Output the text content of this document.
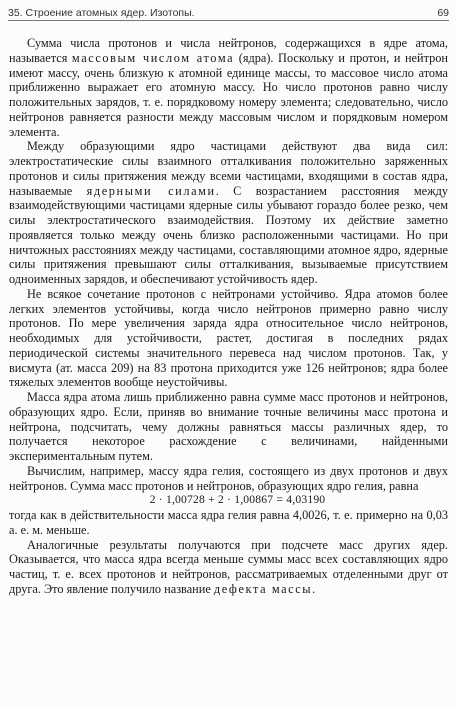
35. Строение атомных ядер. Изотопы.	69

Сумма числа протонов и числа нейтронов, содержащихся в ядре атома, называется массовым числом атома (ядра). Поскольку и протон, и нейтрон имеют массу, очень близкую к атомной единице массы, то массовое число атома приближенно выражает его атомную массу. Но число протонов равно числу положительных зарядов, т. е. порядковому номеру элемента; следовательно, число нейтронов равняется разности между массовым числом и порядковым номером элемента.

Между образующими ядро частицами действуют два вида сил: электростатические силы взаимного отталкивания положительно заряженных протонов и силы притяжения между всеми частицами, входящими в состав ядра, называемые ядерными силами. С возрастанием расстояния между взаимодействующими частицами ядерные силы убывают гораздо более резко, чем силы электростатического взаимодействия. Поэтому их действие заметно проявляется только между очень близко расположенными частицами. Но при ничтожных расстояниях между частицами, составляющими атомное ядро, ядерные силы притяжения превышают силы отталкивания, вызываемые присутствием одноименных зарядов, и обеспечивают устойчивость ядер.

Не всякое сочетание протонов с нейтронами устойчиво. Ядра атомов более легких элементов устойчивы, когда число нейтронов примерно равно числу протонов. По мере увеличения заряда ядра относительное число нейтронов, необходимых для устойчивости, растет, достигая в последних рядах периодической системы значительного перевеса над числом протонов. Так, у висмута (ат. масса 209) на 83 протона приходится уже 126 нейтронов; ядра более тяжелых элементов вообще неустойчивы.

Масса ядра атома лишь приближенно равна сумме масс протонов и нейтронов, образующих ядро. Если, приняв во внимание точные величины масс протона и нейтрона, подсчитать, чему должны равняться массы различных ядер, то получается некоторое расхождение с величинами, найденными экспериментальным путем.

Вычислим, например, массу ядра гелия, состоящего из двух протонов и двух нейтронов. Сумма масс протонов и нейтронов, образующих ядро гелия, равна

2 · 1,00728 + 2 · 1,00867 = 4,03190

тогда как в действительности масса ядра гелия равна 4,0026, т. е. примерно на 0,03 а. е. м. меньше.

Аналогичные результаты получаются при подсчете масс других ядер. Оказывается, что масса ядра всегда меньше суммы масс всех составляющих ядро частиц, т. е. всех протонов и нейтронов, рассматриваемых отделенными друг от друга. Это явление получило название дефекта массы.
